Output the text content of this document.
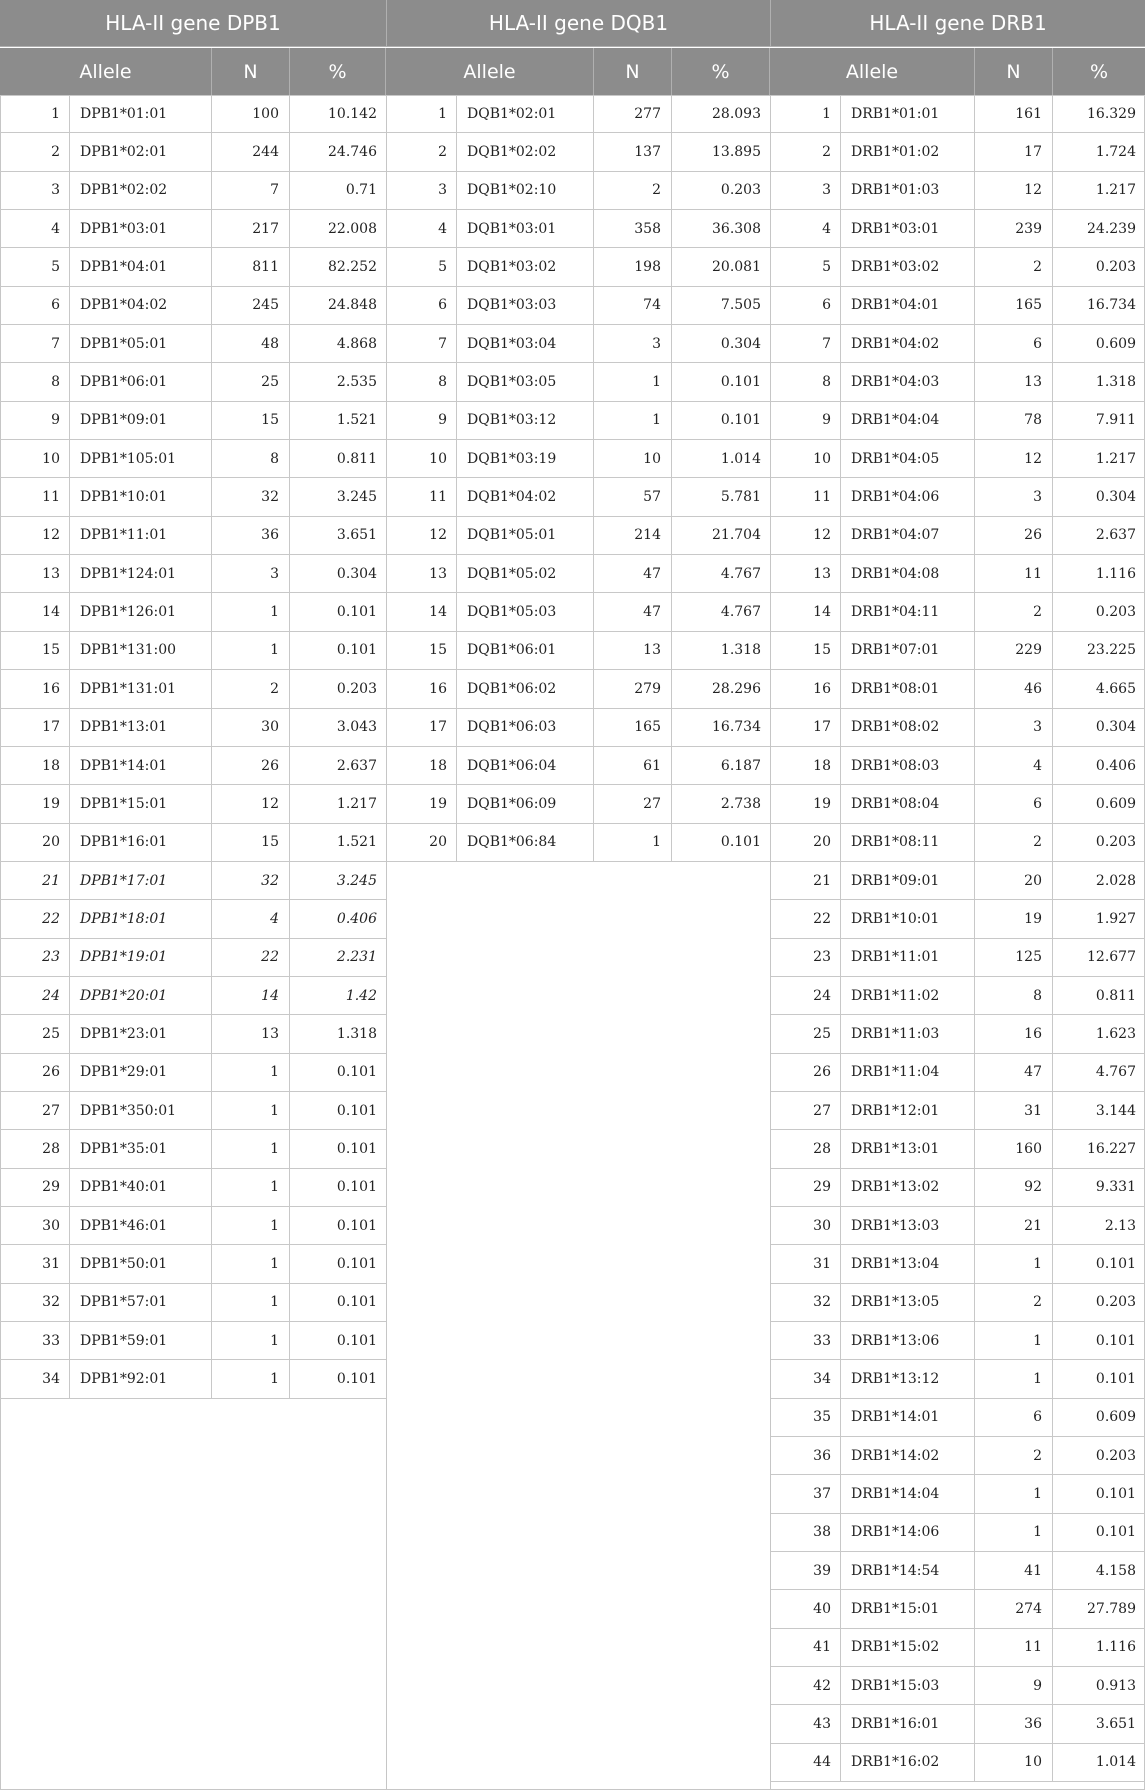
HLA-II gene DPB1	HLA-II gene DQB1	HLA-II gene DRB1
Allele	N	%	Allele	N	%	Allele	N	%
1	DPB1*01:01	100	10.142
2	DPB1*02:01	244	24.746
3	DPB1*02:02	7	0.71
4	DPB1*03:01	217	22.008
5	DPB1*04:01	811	82.252
6	DPB1*04:02	245	24.848
7	DPB1*05:01	48	4.868
8	DPB1*06:01	25	2.535
9	DPB1*09:01	15	1.521
10	DPB1*105:01	8	0.811
11	DPB1*10:01	32	3.245
12	DPB1*11:01	36	3.651
13	DPB1*124:01	3	0.304
14	DPB1*126:01	1	0.101
15	DPB1*131:00	1	0.101
16	DPB1*131:01	2	0.203
17	DPB1*13:01	30	3.043
18	DPB1*14:01	26	2.637
19	DPB1*15:01	12	1.217
20	DPB1*16:01	15	1.521
21	DPB1*17:01	32	3.245
22	DPB1*18:01	4	0.406
23	DPB1*19:01	22	2.231
24	DPB1*20:01	14	1.42
25	DPB1*23:01	13	1.318
26	DPB1*29:01	1	0.101
27	DPB1*350:01	1	0.101
28	DPB1*35:01	1	0.101
29	DPB1*40:01	1	0.101
30	DPB1*46:01	1	0.101
31	DPB1*50:01	1	0.101
32	DPB1*57:01	1	0.101
33	DPB1*59:01	1	0.101
34	DPB1*92:01	1	0.101
1	DQB1*02:01	277	28.093
2	DQB1*02:02	137	13.895
3	DQB1*02:10	2	0.203
4	DQB1*03:01	358	36.308
5	DQB1*03:02	198	20.081
6	DQB1*03:03	74	7.505
7	DQB1*03:04	3	0.304
8	DQB1*03:05	1	0.101
9	DQB1*03:12	1	0.101
10	DQB1*03:19	10	1.014
11	DQB1*04:02	57	5.781
12	DQB1*05:01	214	21.704
13	DQB1*05:02	47	4.767
14	DQB1*05:03	47	4.767
15	DQB1*06:01	13	1.318
16	DQB1*06:02	279	28.296
17	DQB1*06:03	165	16.734
18	DQB1*06:04	61	6.187
19	DQB1*06:09	27	2.738
20	DQB1*06:84	1	0.101
1	DRB1*01:01	161	16.329
2	DRB1*01:02	17	1.724
3	DRB1*01:03	12	1.217
4	DRB1*03:01	239	24.239
5	DRB1*03:02	2	0.203
6	DRB1*04:01	165	16.734
7	DRB1*04:02	6	0.609
8	DRB1*04:03	13	1.318
9	DRB1*04:04	78	7.911
10	DRB1*04:05	12	1.217
11	DRB1*04:06	3	0.304
12	DRB1*04:07	26	2.637
13	DRB1*04:08	11	1.116
14	DRB1*04:11	2	0.203
15	DRB1*07:01	229	23.225
16	DRB1*08:01	46	4.665
17	DRB1*08:02	3	0.304
18	DRB1*08:03	4	0.406
19	DRB1*08:04	6	0.609
20	DRB1*08:11	2	0.203
21	DRB1*09:01	20	2.028
22	DRB1*10:01	19	1.927
23	DRB1*11:01	125	12.677
24	DRB1*11:02	8	0.811
25	DRB1*11:03	16	1.623
26	DRB1*11:04	47	4.767
27	DRB1*12:01	31	3.144
28	DRB1*13:01	160	16.227
29	DRB1*13:02	92	9.331
30	DRB1*13:03	21	2.13
31	DRB1*13:04	1	0.101
32	DRB1*13:05	2	0.203
33	DRB1*13:06	1	0.101
34	DRB1*13:12	1	0.101
35	DRB1*14:01	6	0.609
36	DRB1*14:02	2	0.203
37	DRB1*14:04	1	0.101
38	DRB1*14:06	1	0.101
39	DRB1*14:54	41	4.158
40	DRB1*15:01	274	27.789
41	DRB1*15:02	11	1.116
42	DRB1*15:03	9	0.913
43	DRB1*16:01	36	3.651
44	DRB1*16:02	10	1.014
